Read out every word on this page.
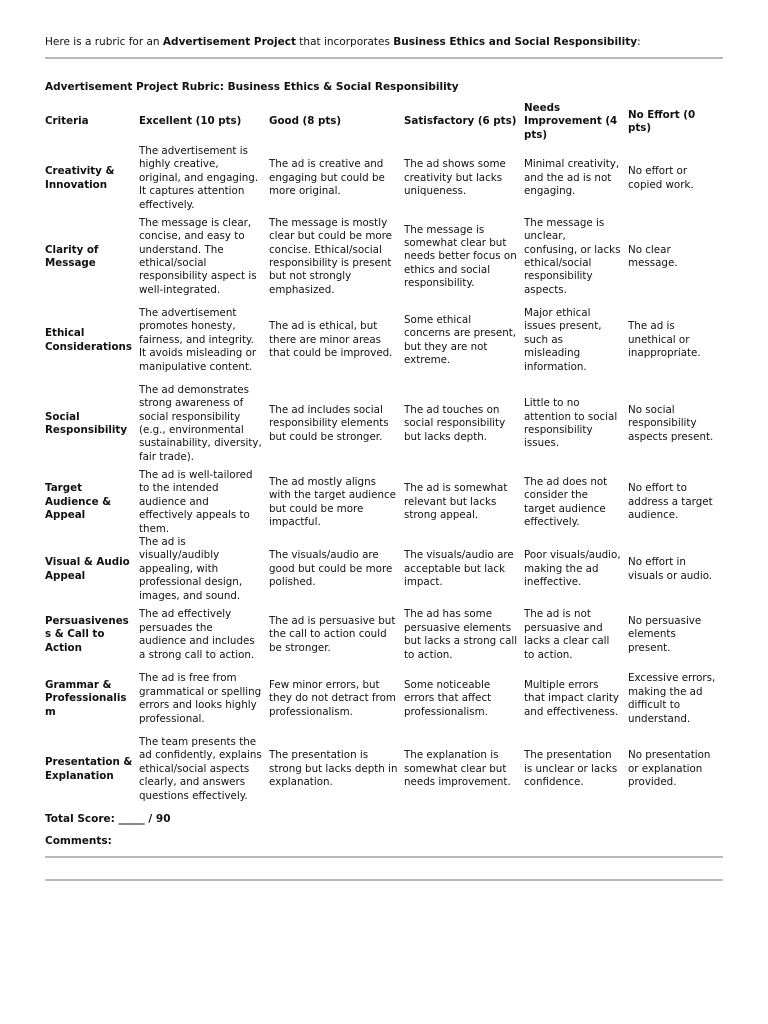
Here is a rubric for an Advertisement Project that incorporates Business Ethics and Social Responsibility:
Advertisement Project Rubric: Business Ethics & Social Responsibility
Criteria	Excellent (10 pts)	Good (8 pts)	Satisfactory (6 pts)	Needs Improvement (4 pts)	No Effort (0 pts)
Creativity & Innovation	The advertisement is highly creative, original, and engaging. It captures attention effectively.	The ad is creative and engaging but could be more original.	The ad shows some creativity but lacks uniqueness.	Minimal creativity, and the ad is not engaging.	No effort or copied work.
Clarity of Message	The message is clear, concise, and easy to understand. The ethical/social responsibility aspect is well-integrated.	The message is mostly clear but could be more concise. Ethical/social responsibility is present but not strongly emphasized.	The message is somewhat clear but needs better focus on ethics and social responsibility.	The message is unclear, confusing, or lacks ethical/social responsibility aspects.	No clear message.
Ethical Considerations	The advertisement promotes honesty, fairness, and integrity. It avoids misleading or manipulative content.	The ad is ethical, but there are minor areas that could be improved.	Some ethical concerns are present, but they are not extreme.	Major ethical issues present, such as misleading information.	The ad is unethical or inappropriate.
Social Responsibility	The ad demonstrates strong awareness of social responsibility (e.g., environmental sustainability, diversity, fair trade).	The ad includes social responsibility elements but could be stronger.	The ad touches on social responsibility but lacks depth.	Little to no attention to social responsibility issues.	No social responsibility aspects present.
Target Audience & Appeal	The ad is well-tailored to the intended audience and effectively appeals to them.	The ad mostly aligns with the target audience but could be more impactful.	The ad is somewhat relevant but lacks strong appeal.	The ad does not consider the target audience effectively.	No effort to address a target audience.
Visual & Audio Appeal	The ad is visually/audibly appealing, with professional design, images, and sound.	The visuals/audio are good but could be more polished.	The visuals/audio are acceptable but lack impact.	Poor visuals/audio, making the ad ineffective.	No effort in visuals or audio.
Persuasiveness & Call to Action	The ad effectively persuades the audience and includes a strong call to action.	The ad is persuasive but the call to action could be stronger.	The ad has some persuasive elements but lacks a strong call to action.	The ad is not persuasive and lacks a clear call to action.	No persuasive elements present.
Grammar & Professionalism	The ad is free from grammatical or spelling errors and looks highly professional.	Few minor errors, but they do not detract from professionalism.	Some noticeable errors that affect professionalism.	Multiple errors that impact clarity and effectiveness.	Excessive errors, making the ad difficult to understand.
Presentation & Explanation	The team presents the ad confidently, explains ethical/social aspects clearly, and answers questions effectively.	The presentation is strong but lacks depth in explanation.	The explanation is somewhat clear but needs improvement.	The presentation is unclear or lacks confidence.	No presentation or explanation provided.
Total Score: _____ / 90
Comments:
